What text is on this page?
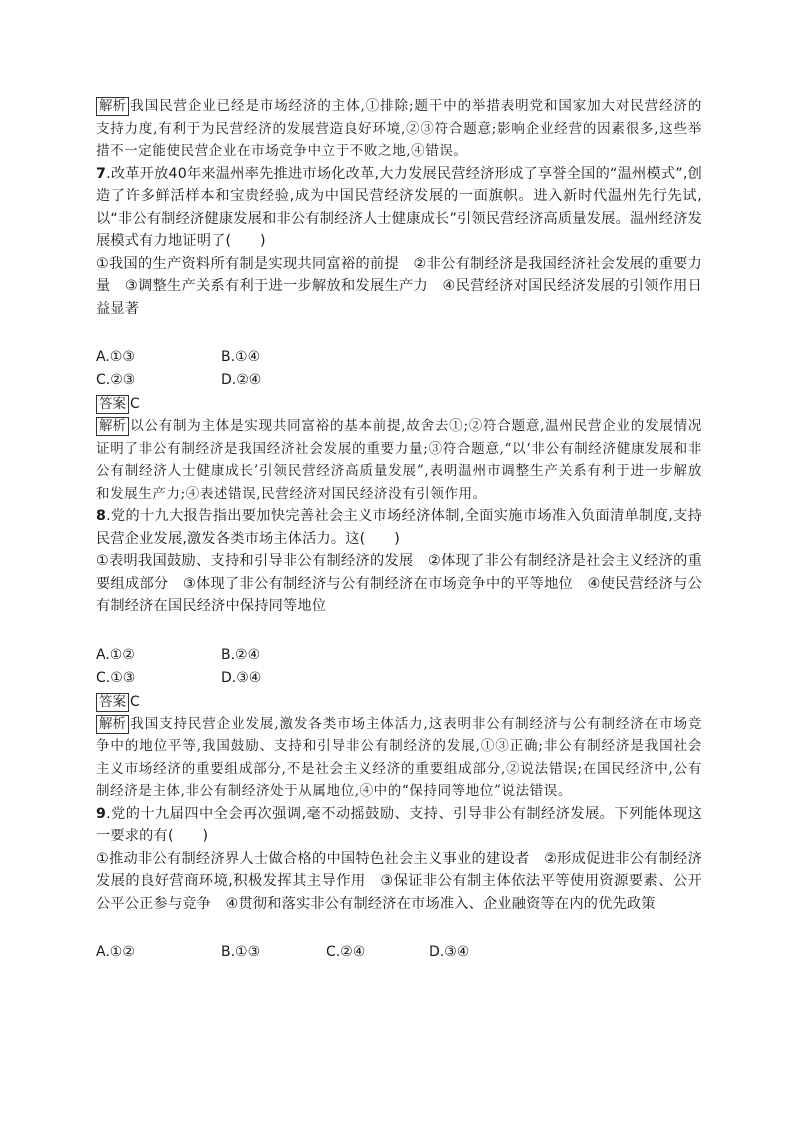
解析 我国民营企业已经是市场经济的主体,①排除;题干中的举措表明党和国家加大对民营经济的支持力度,有利于为民营经济的发展营造良好环境,②③符合题意;影响企业经营的因素很多,这些举措不一定能使民营企业在市场竞争中立于不败之地,④错误。

7.改革开放40年来温州率先推进市场化改革,大力发展民营经济形成了享誉全国的“温州模式”,创造了许多鲜活样本和宝贵经验,成为中国民营经济发展的一面旗帜。进入新时代温州先行先试,以“非公有制经济健康发展和非公有制经济人士健康成长”引领民营经济高质量发展。温州经济发展模式有力地证明了(　　)

①我国的生产资料所有制是实现共同富裕的前提　②非公有制经济是我国经济社会发展的重要力量　③调整生产关系有利于进一步解放和发展生产力　④民营经济对国民经济发展的引领作用日益显著

A.①③	B.①④
C.②③	D.②④
答案 C

解析 以公有制为主体是实现共同富裕的基本前提,故舍去①;②符合题意,温州民营企业的发展情况证明了非公有制经济是我国经济社会发展的重要力量;③符合题意,“以‘非公有制经济健康发展和非公有制经济人士健康成长’引领民营经济高质量发展”,表明温州市调整生产关系有利于进一步解放和发展生产力;④表述错误,民营经济对国民经济没有引领作用。

8.党的十九大报告指出要加快完善社会主义市场经济体制,全面实施市场准入负面清单制度,支持民营企业发展,激发各类市场主体活力。这(　　)

①表明我国鼓励、支持和引导非公有制经济的发展　②体现了非公有制经济是社会主义经济的重要组成部分　③体现了非公有制经济与公有制经济在市场竞争中的平等地位　④使民营经济与公有制经济在国民经济中保持同等地位

A.①②	B.②④
C.①③	D.③④
答案 C

解析 我国支持民营企业发展,激发各类市场主体活力,这表明非公有制经济与公有制经济在市场竞争中的地位平等,我国鼓励、支持和引导非公有制经济的发展,①③正确;非公有制经济是我国社会主义市场经济的重要组成部分,不是社会主义经济的重要组成部分,②说法错误;在国民经济中,公有制经济是主体,非公有制经济处于从属地位,④中的“保持同等地位”说法错误。

9.党的十九届四中全会再次强调,毫不动摇鼓励、支持、引导非公有制经济发展。下列能体现这一要求的有(　　)

①推动非公有制经济界人士做合格的中国特色社会主义事业的建设者　②形成促进非公有制经济发展的良好营商环境,积极发挥其主导作用　③保证非公有制主体依法平等使用资源要素、公开公平公正参与竞争　④贯彻和落实非公有制经济在市场准入、企业融资等在内的优先政策

A.①②	B.①③	C.②④	D.③④
